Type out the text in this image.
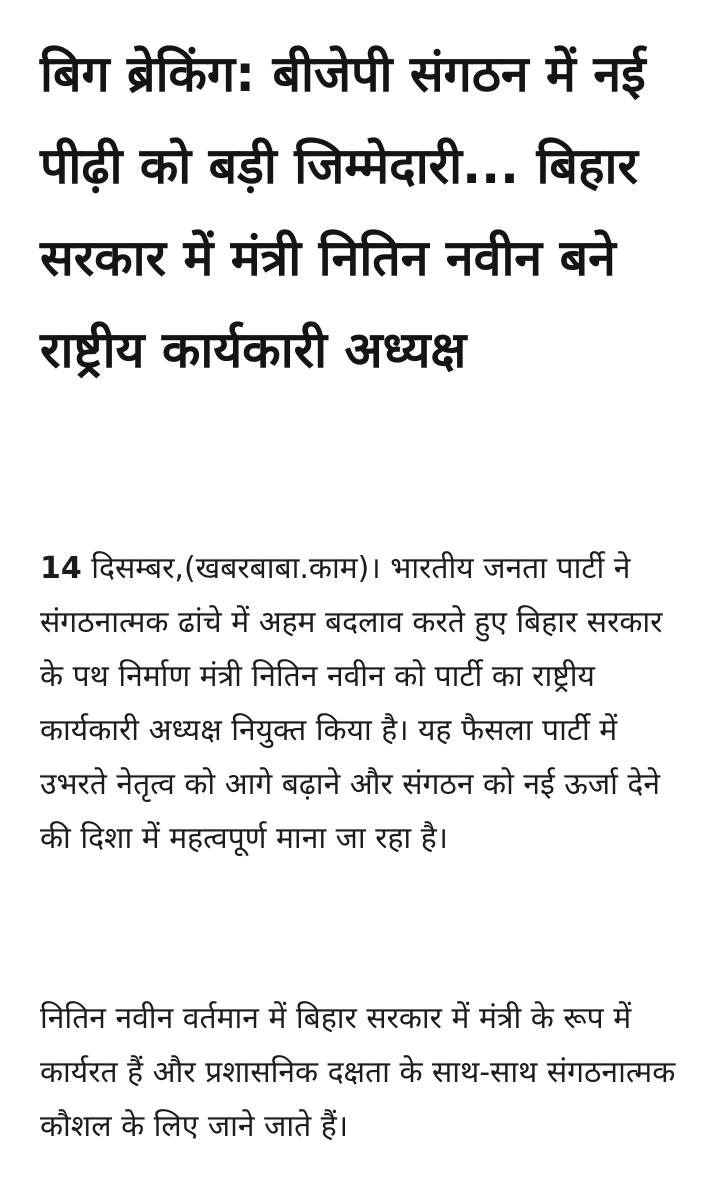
बिग ब्रेकिंग: बीजेपी संगठन में नई पीढ़ी को बड़ी जिम्मेदारी... बिहार सरकार में मंत्री नितिन नवीन बने राष्ट्रीय कार्यकारी अध्यक्ष

14 दिसम्बर,(खबरबाबा.काम)। भारतीय जनता पार्टी ने संगठनात्मक ढांचे में अहम बदलाव करते हुए बिहार सरकार के पथ निर्माण मंत्री नितिन नवीन को पार्टी का राष्ट्रीय कार्यकारी अध्यक्ष नियुक्त किया है। यह फैसला पार्टी में उभरते नेतृत्व को आगे बढ़ाने और संगठन को नई ऊर्जा देने की दिशा में महत्वपूर्ण माना जा रहा है।

नितिन नवीन वर्तमान में बिहार सरकार में मंत्री के रूप में कार्यरत हैं और प्रशासनिक दक्षता के साथ-साथ संगठनात्मक कौशल के लिए जाने जाते हैं।
